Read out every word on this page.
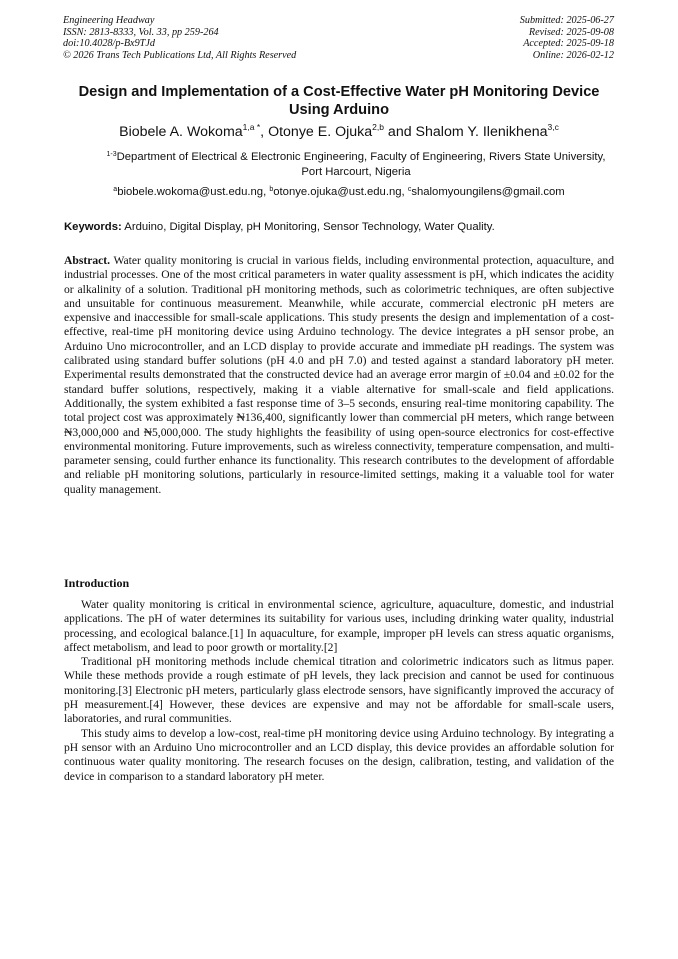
Engineering Headway
ISSN: 2813-8333, Vol. 33, pp 259-264
doi:10.4028/p-Bx9TJd
© 2026 Trans Tech Publications Ltd, All Rights Reserved
Submitted: 2025-06-27
Revised: 2025-09-08
Accepted: 2025-09-18
Online: 2026-02-12
Design and Implementation of a Cost-Effective Water pH Monitoring Device Using Arduino
Biobele A. Wokoma$^{1,a *}$, Otonye E. Ojuka$^{2,b}$ and Shalom Y. Ilenikhena$^{3,c}$
$^{1-3}$Department of Electrical & Electronic Engineering, Faculty of Engineering, Rivers State University, Port Harcourt, Nigeria
$^a$biobele.wokoma@ust.edu.ng, $^b$otonye.ojuka@ust.edu.ng, $^c$shalomyoungilens@gmail.com
Keywords: Arduino, Digital Display, pH Monitoring, Sensor Technology, Water Quality.

Abstract. Water quality monitoring is crucial in various fields, including environmental protection, aquaculture, and industrial processes. One of the most critical parameters in water quality assessment is pH, which indicates the acidity or alkalinity of a solution. Traditional pH monitoring methods, such as colorimetric techniques, are often subjective and unsuitable for continuous measurement. Meanwhile, while accurate, commercial electronic pH meters are expensive and inaccessible for small-scale applications. This study presents the design and implementation of a cost-effective, real-time pH monitoring device using Arduino technology. The device integrates a pH sensor probe, an Arduino Uno microcontroller, and an LCD display to provide accurate and immediate pH readings. The system was calibrated using standard buffer solutions (pH 4.0 and pH 7.0) and tested against a standard laboratory pH meter. Experimental results demonstrated that the constructed device had an average error margin of ±0.04 and ±0.02 for the standard buffer solutions, respectively, making it a viable alternative for small-scale and field applications. Additionally, the system exhibited a fast response time of 3–5 seconds, ensuring real-time monitoring capability. The total project cost was approximately ₦136,400, significantly lower than commercial pH meters, which range between ₦3,000,000 and ₦5,000,000. The study highlights the feasibility of using open-source electronics for cost-effective environmental monitoring. Future improvements, such as wireless connectivity, temperature compensation, and multi-parameter sensing, could further enhance its functionality. This research contributes to the development of affordable and reliable pH monitoring solutions, particularly in resource-limited settings, making it a valuable tool for water quality management.

Introduction

Water quality monitoring is critical in environmental science, agriculture, aquaculture, domestic, and industrial applications. The pH of water determines its suitability for various uses, including drinking water quality, industrial processing, and ecological balance.[1] In aquaculture, for example, improper pH levels can stress aquatic organisms, affect metabolism, and lead to poor growth or mortality.[2]

Traditional pH monitoring methods include chemical titration and colorimetric indicators such as litmus paper. While these methods provide a rough estimate of pH levels, they lack precision and cannot be used for continuous monitoring.[3] Electronic pH meters, particularly glass electrode sensors, have significantly improved the accuracy of pH measurement.[4] However, these devices are expensive and may not be affordable for small-scale users, laboratories, and rural communities.

This study aims to develop a low-cost, real-time pH monitoring device using Arduino technology. By integrating a pH sensor with an Arduino Uno microcontroller and an LCD display, this device provides an affordable solution for continuous water quality monitoring. The research focuses on the design, calibration, testing, and validation of the device in comparison to a standard laboratory pH meter.
